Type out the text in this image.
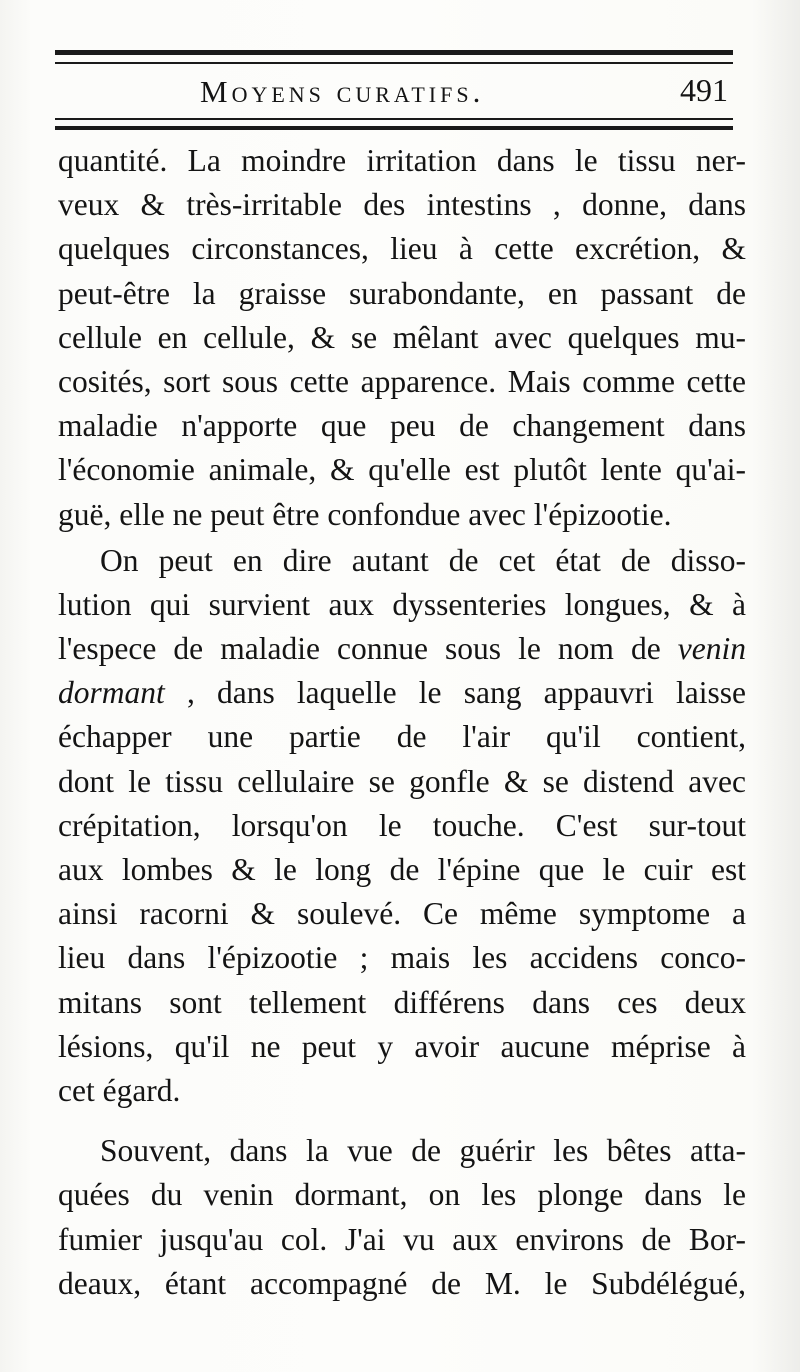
Moyens curatifs.	491
quantité. La moindre irritation dans le tissu ner-
veux & très-irritable des intestins , donne, dans
quelques circonstances, lieu à cette excrétion, &
peut-être la graisse surabondante, en passant de
cellule en cellule, & se mêlant avec quelques mu-
cosités, sort sous cette apparence. Mais comme cette
maladie n'apporte que peu de changement dans
l'économie animale, & qu'elle est plutôt lente qu'ai-
guë, elle ne peut être confondue avec l'épizootie.
On peut en dire autant de cet état de disso-
lution qui survient aux dyssenteries longues, & à
l'espece de maladie connue sous le nom de venin
dormant , dans laquelle le sang appauvri laisse
échapper une partie de l'air qu'il contient,
dont le tissu cellulaire se gonfle & se distend avec
crépitation, lorsqu'on le touche. C'est sur-tout
aux lombes & le long de l'épine que le cuir est
ainsi racorni & soulevé. Ce même symptome a
lieu dans l'épizootie ; mais les accidens conco-
mitans sont tellement différens dans ces deux
lésions, qu'il ne peut y avoir aucune méprise à
cet égard.
Souvent, dans la vue de guérir les bêtes atta-
quées du venin dormant, on les plonge dans le
fumier jusqu'au col. J'ai vu aux environs de Bor-
deaux, étant accompagné de M. le Subdélégué,
